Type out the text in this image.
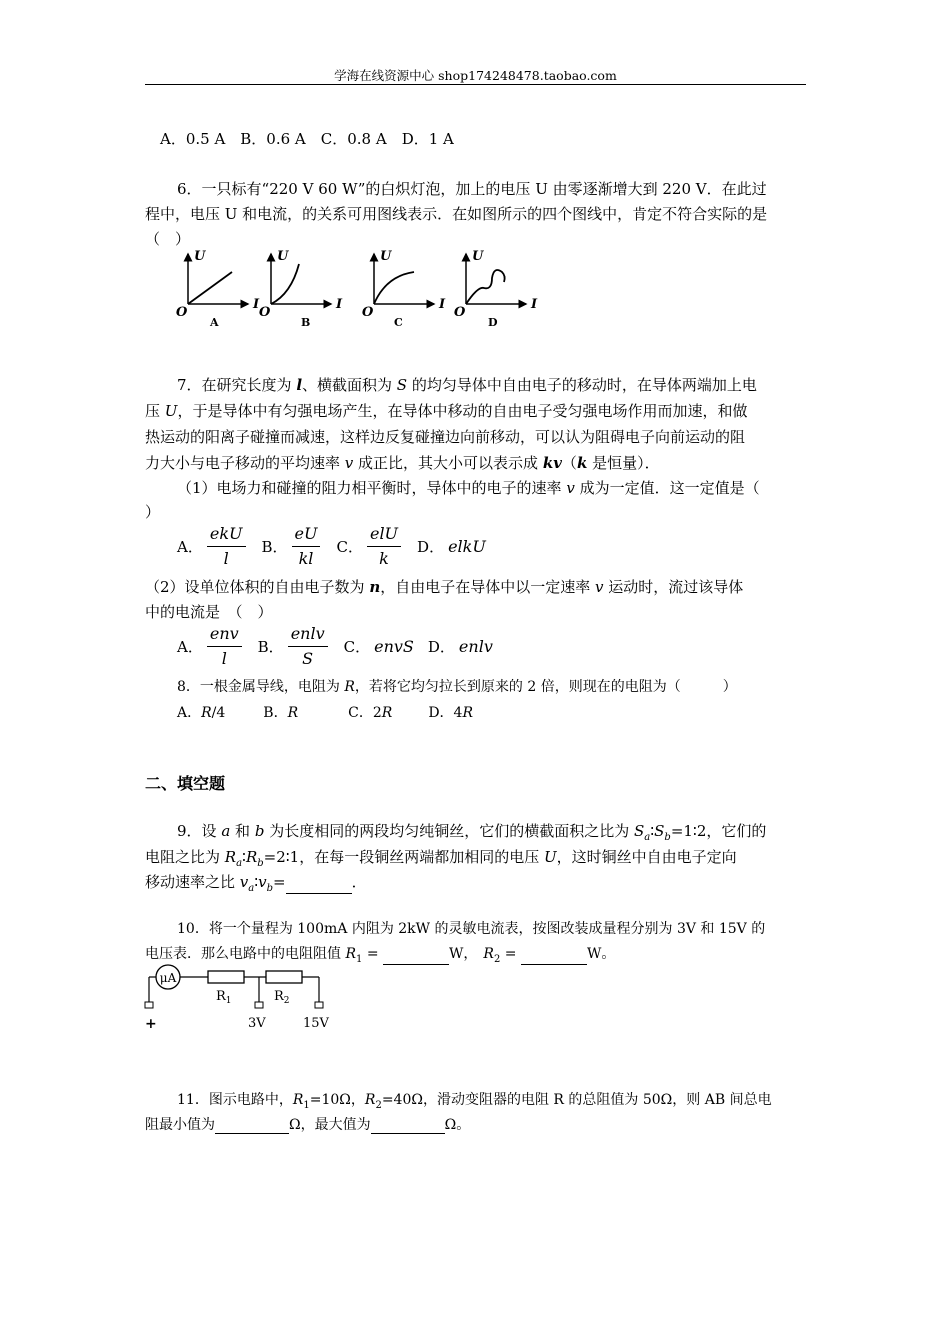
学海在线资源中心 shop174248478.taobao.com
A．0.5 A　B．0.6 A　C．0.8 A　D．1 A
6．一只标有“220 V 60 W”的白炽灯泡，加上的电压 U 由零逐渐增大到 220 V．在此过
程中，电压 U 和电流，的关系可用图线表示．在如图所示的四个图线中，肯定不符合实际的是
（　）
U
I
O
A
U
I
O
B
U
I
O
C
U
I
O
D
7．在研究长度为 l、横截面积为 S 的均匀导体中自由电子的移动时，在导体两端加上电
压 U，于是导体中有匀强电场产生，在导体中移动的自由电子受匀强电场作用而加速，和做
热运动的阳离子碰撞而减速，这样边反复碰撞边向前移动，可以认为阻碍电子向前运动的阻
力大小与电子移动的平均速率 v 成正比，其大小可以表示成 kv（k 是恒量）．
（1）电场力和碰撞的阻力相平衡时，导体中的电子的速率 v 成为一定值．这一定值是（
）
A． $\frac{\text{ekU}}{l}$ B． $\frac{eU}{kl}$ C． $\frac{\text{elU}}{k}$ D． elkU
（2）设单位体积的自由电子数为 n，自由电子在导体中以一定速率 v 运动时，流过该导体
中的电流是　（　）
A． $\frac{\text{env}}{l}$ B． $\frac{\text{enlv}}{S}$ C． envS D． enlv
8．一根金属导线，电阻为 R，若将它均匀拉长到原来的 2 倍，则现在的电阻为（　　　）
A．R/4	B．R	C．2R	D．4R
二、填空题
9．设 a 和 b 为长度相同的两段均匀纯铜丝，它们的横截面积之比为 $S_a∶S_b=1∶2$，它们的
电阻之比为 $R_a∶R_b=2∶1$，在每一段铜丝两端都加相同的电压 U，这时铜丝中自由电子定向
移动速率之比 $v_a∶v_b=$	．
10．将一个量程为 100mA 内阻为 2kW 的灵敏电流表，按图改装成量程分别为 3V 和 15V 的
电压表．那么电路中的电阻阻值 $R_1$ =	W， $R_2$ =	W。
μA
$R_1$	$R_2$
+	3V	15V
11．图示电路中，$R_1=10\Omega$，$R_2=40\Omega$，滑动变阻器的电阻 R 的总阻值为 50Ω，则 AB 间总电
阻最小值为	Ω，最大值为	Ω。
